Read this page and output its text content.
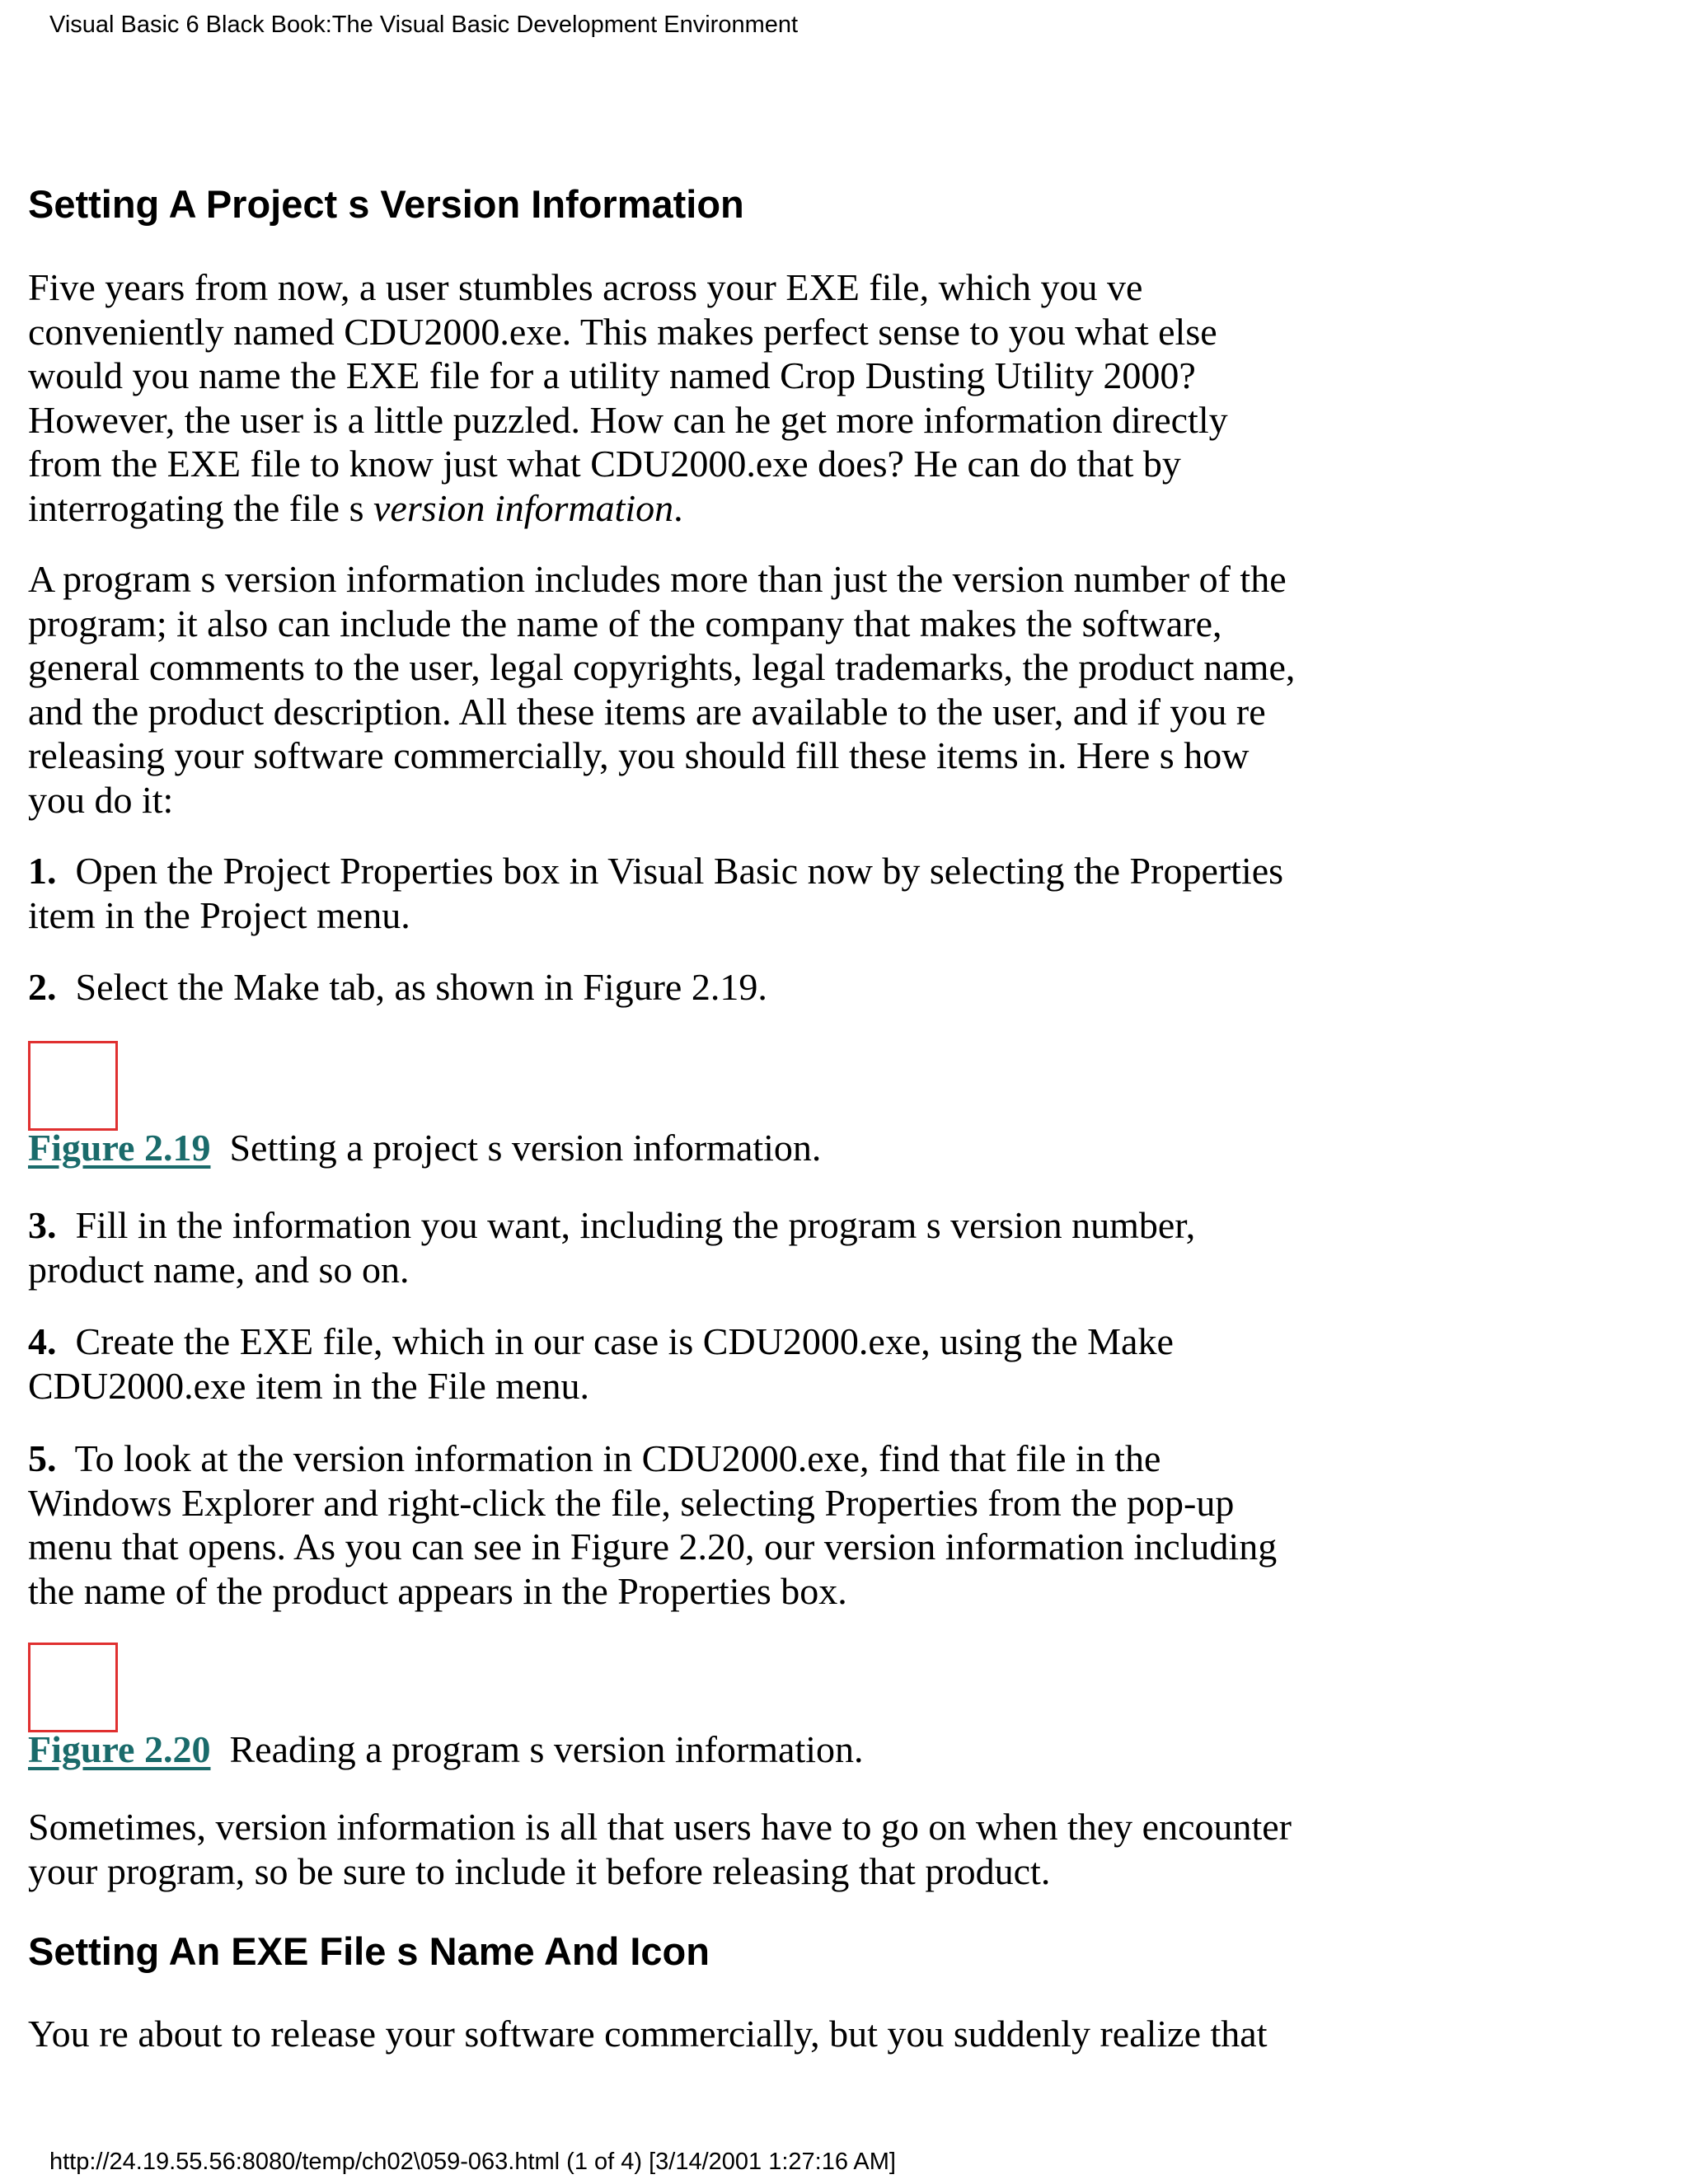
Visual Basic 6 Black Book:The Visual Basic Development Environment
Setting A Project s Version Information

Five years from now, a user stumbles across your EXE file, which you ve
conveniently named CDU2000.exe. This makes perfect sense to you what else
would you name the EXE file for a utility named Crop Dusting Utility 2000?
However, the user is a little puzzled. How can he get more information directly
from the EXE file to know just what CDU2000.exe does? He can do that by
interrogating the file s version information.

A program s version information includes more than just the version number of the
program; it also can include the name of the company that makes the software,
general comments to the user, legal copyrights, legal trademarks, the product name,
and the product description. All these items are available to the user, and if you re
releasing your software commercially, you should fill these items in. Here s how
you do it:

1. Open the Project Properties box in Visual Basic now by selecting the Properties
item in the Project menu.

2. Select the Make tab, as shown in Figure 2.19.

Figure 2.19 Setting a project s version information.

3. Fill in the information you want, including the program s version number,
product name, and so on.

4. Create the EXE file, which in our case is CDU2000.exe, using the Make
CDU2000.exe item in the File menu.

5. To look at the version information in CDU2000.exe, find that file in the
Windows Explorer and right-click the file, selecting Properties from the pop-up
menu that opens. As you can see in Figure 2.20, our version information including
the name of the product appears in the Properties box.

Figure 2.20 Reading a program s version information.

Sometimes, version information is all that users have to go on when they encounter
your program, so be sure to include it before releasing that product.

Setting An EXE File s Name And Icon

You re about to release your software commercially, but you suddenly realize that

http://24.19.55.56:8080/temp/ch02\059-063.html (1 of 4) [3/14/2001 1:27:16 AM]
